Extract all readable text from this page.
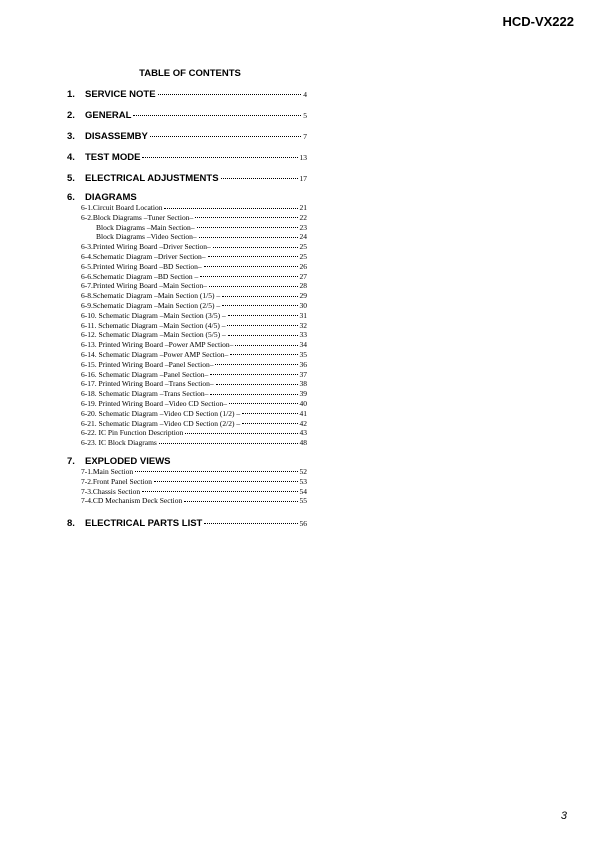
HCD-VX222
TABLE OF CONTENTS
1.	SERVICE NOTE	4
2.	GENERAL	5
3.	DISASSEMBY	7
4.	TEST MODE	13
5.	ELECTRICAL ADJUSTMENTS	17
6.	DIAGRAMS
6-1.Circuit Board Location	21
6-2.Block Diagrams –Tuner Section–	22
Block Diagrams –Main Section–	23
Block Diagrams –Video Section–	24
6-3.Printed Wiring Board –Driver Section–	25
6-4.Schematic Diagram –Driver Section–	25
6-5.Printed Wiring Board –BD Section–	26
6-6.Schematic Diagram –BD Section –	27
6-7.Printed Wiring Board –Main Section–	28
6-8.Schematic Diagram –Main Section (1/5) –	29
6-9.Schematic Diagram –Main Section (2/5) –	30
6-10. Schematic Diagram –Main Section (3/5) –	31
6-11. Schematic Diagram –Main Section (4/5) –	32
6-12. Schematic Diagram –Main Section (5/5) –	33
6-13. Printed Wiring Board –Power AMP Section–	34
6-14. Schematic Diagram –Power AMP Section–	35
6-15. Printed Wiring Board –Panel Section–	36
6-16. Schematic Diagram –Panel Section–	37
6-17. Printed Wiring Board –Trans Section–	38
6-18. Schematic Diagram –Trans Section–	39
6-19. Printed Wiring Board –Video CD Section–	40
6-20. Schematic Diagram –Video CD Section (1/2) –	41
6-21. Schematic Diagram –Video CD Section (2/2) –	42
6-22. IC Pin Function Description	43
6-23. IC Block Diagrams	48
7.	EXPLODED VIEWS
7-1.Main Section	52
7-2.Front Panel Section	53
7-3.Chassis Section	54
7-4.CD Mechanism Deck Section	55
8.	ELECTRICAL PARTS LIST	56
3
